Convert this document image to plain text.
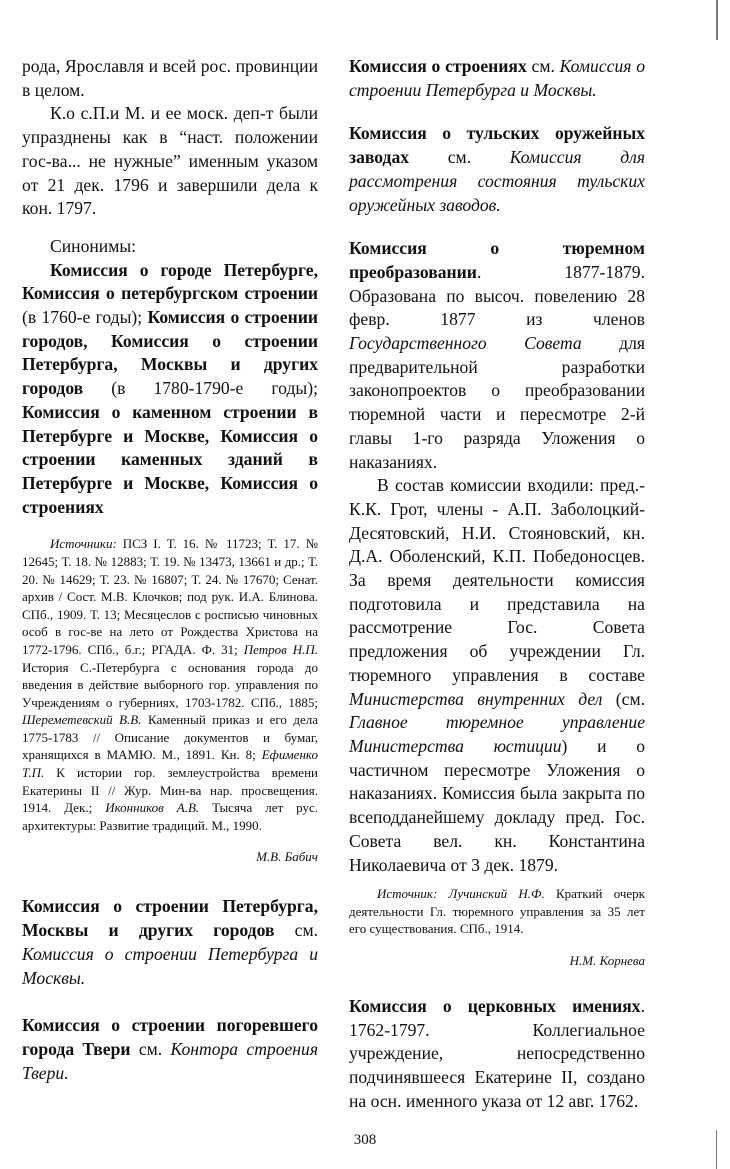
рода, Ярославля и всей рос. провинции в целом.

К.о с.П.и М. и ее моск. деп-т были упразднены как в “наст. положении гос-ва... не нужные” именным указом от 21 дек. 1796 и завершили дела к кон. 1797.

Синонимы:

Комиссия о городе Петербурге, Комиссия о петербургском строении (в 1760-е годы); Комиссия о строении городов, Комиссия о строении Петербурга, Москвы и других городов (в 1780-1790-е годы); Комиссия о каменном строении в Петербурге и Москве, Комиссия о строении каменных зданий в Петербурге и Москве, Комиссия о строениях

Источники: ПСЗ I. Т. 16. № 11723; Т. 17. № 12645; Т. 18. № 12883; Т. 19. № 13473, 13661 и др.; Т. 20. № 14629; Т. 23. № 16807; Т. 24. № 17670; Сенат. архив / Сост. М.В. Клочков; под рук. И.А. Блинова. СПб., 1909. Т. 13; Месяцеслов с росписью чиновных особ в гос-ве на лето от Рождества Христова на 1772-1796. СПб., б.г.; РГАДА. Ф. 31; Петров Н.П. История С.-Петербурга с основания города до введения в действие выборного гор. управления по Учреждениям о губерниях, 1703-1782. СПб., 1885; Шереметевский В.В. Каменный приказ и его дела 1775-1783 // Описание документов и бумаг, хранящихся в МАМЮ. М., 1891. Кн. 8; Ефименко Т.П. К истории гор. землеустройства времени Екатерины II // Жур. Мин-ва нар. просвещения. 1914. Дек.; Иконников А.В. Тысяча лет рус. архитектуры: Развитие традиций. М., 1990.

М.В. Бабич

Комиссия о строении Петербурга, Москвы и других городов см. Комиссия о строении Петербурга и Москвы.

Комиссия о строении погоревшего города Твери см. Контора строения Твери.

Комиссия о строениях см. Комиссия о строении Петербурга и Москвы.

Комиссия о тульских оружейных заводах см. Комиссия для рассмотрения состояния тульских оружейных заводов.

Комиссия о тюремном преобразовании. 1877-1879. Образована по высоч. повелению 28 февр. 1877 из членов Государственного Совета для предварительной разработки законопроектов о преобразовании тюремной части и пересмотре 2-й главы 1-го разряда Уложения о наказаниях.

В состав комиссии входили: пред.- К.К. Грот, члены - А.П. Заболоцкий-Десятовский, Н.И. Стояновский, кн. Д.А. Оболенский, К.П. Победоносцев. За время деятельности комиссия подготовила и представила на рассмотрение Гос. Совета предложения об учреждении Гл. тюремного управления в составе Министерства внутренних дел (см. Главное тюремное управление Министерства юстиции) и о частичном пересмотре Уложения о наказаниях. Комиссия была закрыта по всеподданейшему докладу пред. Гос. Совета вел. кн. Константина Николаевича от 3 дек. 1879.

Источник: Лучинский Н.Ф. Краткий очерк деятельности Гл. тюремного управления за 35 лет его существования. СПб., 1914.

Н.М. Корнева

Комиссия о церковных имениях. 1762-1797. Коллегиальное учреждение, непосредственно подчинявшееся Екатерине II, создано на осн. именного указа от 12 авг. 1762.

308
